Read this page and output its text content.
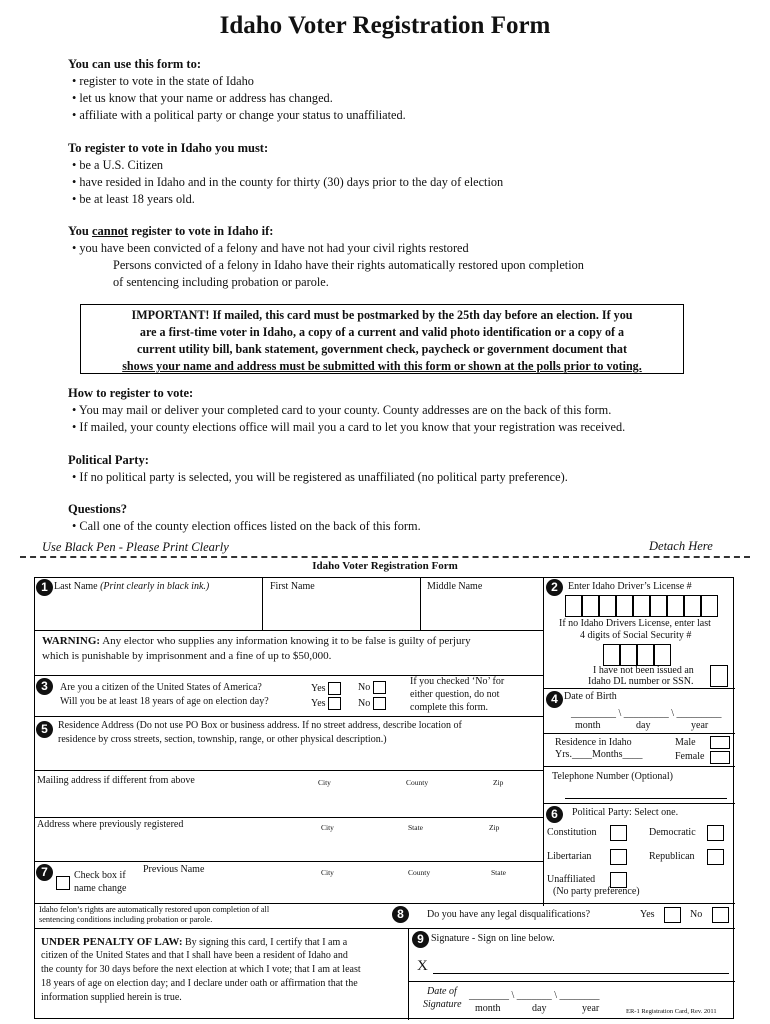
Idaho Voter Registration Form
You can use this form to:
• register to vote in the state of Idaho
• let us know that your name or address has changed.
• affiliate with a political party or change your status to unaffiliated.
To register to vote in Idaho you must:
• be a U.S. Citizen
• have resided in Idaho and in the county for thirty (30) days prior to the day of election
• be at least 18 years old.
You cannot register to vote in Idaho if:
• you have been convicted of a felony and have not had your civil rights restored
Persons convicted of a felony in Idaho have their rights automatically restored upon completion
of sentencing including probation or parole.
IMPORTANT! If mailed, this card must be postmarked by the 25th day before an election. If you
are a first-time voter in Idaho, a copy of a current and valid photo identification or a copy of a
current utility bill, bank statement, government check, paycheck or government document that
shows your name and address must be submitted with this form or shown at the polls prior to voting.
How to register to vote:
• You may mail or deliver your completed card to your county. County addresses are on the back of this form.
• If mailed, your county elections office will mail you a card to let you know that your registration was received.
Political Party:
• If no political party is selected, you will be registered as unaffiliated (no political party preference).
Questions?
• Call one of the county election offices listed on the back of this form.
Use Black Pen - Please Print Clearly	Detach Here
Idaho Voter Registration Form
1 Last Name (Print clearly in black ink.)	First Name	Middle Name	2	Enter Idaho Driver’s License #
If no Idaho Drivers License, enter last
4 digits of Social Security #
I have not been issued an
Idaho DL number or SSN.
WARNING: Any elector who supplies any information knowing it to be false is guilty of perjury
which is punishable by imprisonment and a fine of up to $50,000.
3	Are you a citizen of the United States of America?
Will you be at least 18 years of age on election day?
Yes	No
Yes	No
If you checked ‘No’ for
either question, do not
complete this form.
4 Date of Birth
_________ \ _________ \ _________
month	day	year
5	Residence Address (Do not use PO Box or business address. If no street address, describe location of
residence by cross streets, section, township, range, or other physical description.)	Residence in Idaho
Yrs.____Months____
Male
Female
Mailing address if different from above	City	County	Zip
Telephone Number (Optional)
Address where previously registered	City	State	Zip
6	Political Party: Select one.
Constitution	Democratic
Libertarian	Republican
Unaffiliated
(No party preference)
7	Check box if
name change
Previous Name	City	County	State
Idaho felon’s rights are automatically restored upon completion of all
sentencing conditions including probation or parole.	8	Do you have any legal disqualifications?	Yes	No
UNDER PENALTY OF LAW: By signing this card, I certify that I am a
citizen of the United States and that I shall have been a resident of Idaho and
the county for 30 days before the next election at which I vote; that I am at least
18 years of age on election day; and I declare under oath or affirmation that the
information supplied herein is true.
9 Signature - Sign on line below.
X
Date of
Signature
________ \ _______ \ ________
month	day	year	ER-1 Registration Card, Rev. 2011
